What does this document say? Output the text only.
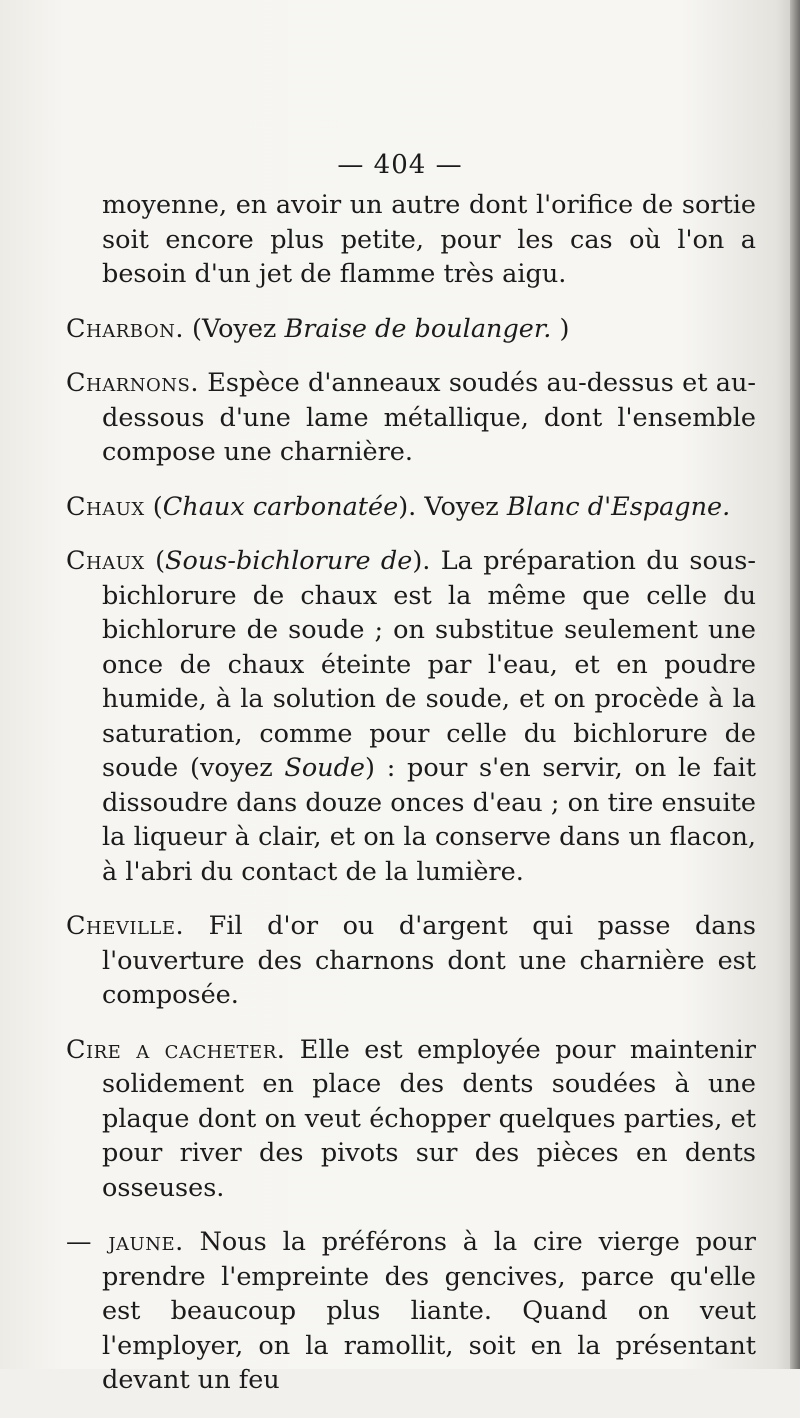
— 404 —

moyenne, en avoir un autre dont l'orifice de sortie soit encore plus petite, pour les cas où l'on a besoin d'un jet de flamme très aigu.

Charbon. (Voyez Braise de boulanger. )

Charnons. Espèce d'anneaux soudés au-dessus et au-dessous d'une lame métallique, dont l'ensemble compose une charnière.

Chaux (Chaux carbonatée). Voyez Blanc d'Espagne.

Chaux (Sous-bichlorure de). La préparation du sous-bichlorure de chaux est la même que celle du bichlorure de soude ; on substitue seulement une once de chaux éteinte par l'eau, et en poudre humide, à la solution de soude, et on procède à la saturation, comme pour celle du bichlorure de soude (voyez Soude) : pour s'en servir, on le fait dissoudre dans douze onces d'eau ; on tire ensuite la liqueur à clair, et on la conserve dans un flacon, à l'abri du contact de la lumière.

Cheville. Fil d'or ou d'argent qui passe dans l'ouverture des charnons dont une charnière est composée.

Cire a cacheter. Elle est employée pour maintenir solidement en place des dents soudées à une plaque dont on veut échopper quelques parties, et pour river des pivots sur des pièces en dents osseuses.

— jaune. Nous la préférons à la cire vierge pour prendre l'empreinte des gencives, parce qu'elle est beaucoup plus liante. Quand on veut l'employer, on la ramollit, soit en la présentant devant un feu
